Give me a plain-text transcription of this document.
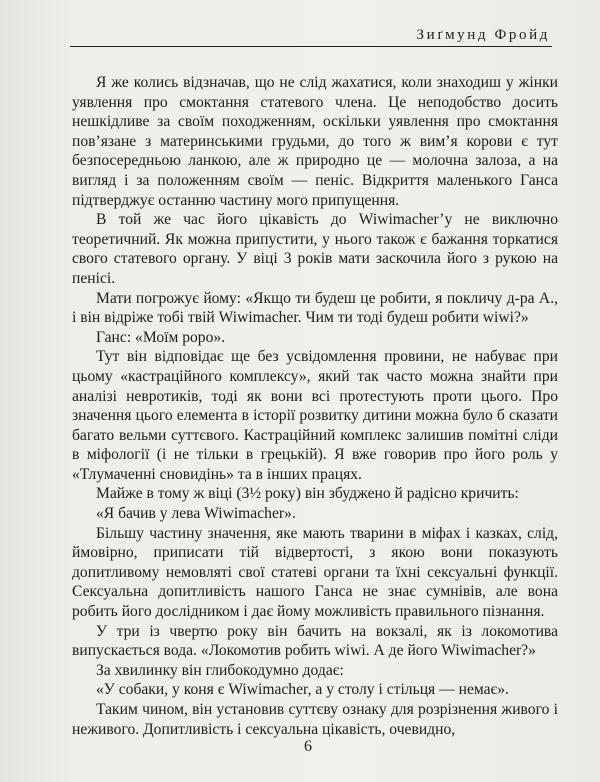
Зиґмунд Фройд

Я же колись відзначав, що не слід жахатися, коли знаходиш у жінки уявлення про смоктання статевого члена. Це неподобство досить нешкідливе за своїм походженням, оскільки уявлення про смоктання пов’язане з материнськими грудьми, до того ж вим’я корови є тут безпосередньою ланкою, але ж природно це — молочна залоза, а на вигляд і за положенням своїм — пеніс. Відкриття маленького Ганса підтверджує останню частину мого припущення.

В той же час його цікавість до Wiwimacher’у не виключно теоретичний. Як можна припустити, у нього також є бажання торкатися свого статевого органу. У віці 3 років мати заскочила його з рукою на пенісі.

Мати погрожує йому: «Якщо ти будеш це робити, я покличу д-ра А., і він відріже тобі твій Wiwimacher. Чим ти тоді будеш робити wiwi?»

Ганс: «Моїм роро».

Тут він відповідає ще без усвідомлення провини, не набуває при цьому «кастраційного комплексу», який так часто можна знайти при аналізі невротиків, тоді як вони всі протестують проти цього. Про значення цього елемента в історії розвитку дитини можна було б сказати багато вельми суттєвого. Кастраційний комплекс залишив помітні сліди в міфології (і не тільки в грецькій). Я вже говорив про його роль у «Тлумаченні сновидінь» та в інших працях.

Майже в тому ж віці (3½ року) він збуджено й радісно кричить:

«Я бачив у лева Wiwimacher».

Більшу частину значення, яке мають тварини в міфах і казках, слід, ймовірно, приписати тій відвертості, з якою вони показують допитливому немовляті свої статеві органи та їхні сексуальні функції. Сексуальна допитливість нашого Ганса не знає сумнівів, але вона робить його дослідником і дає йому можливість правильного пізнання.

У три із чвертю року він бачить на вокзалі, як із локомотива випускається вода. «Локомотив робить wiwi. А де його Wiwimacher?»

За хвилинку він глибокодумно додає:

«У собаки, у коня є Wiwimacher, а у столу і стільця — немає».

Таким чином, він установив суттєву ознаку для розрізнення живого і неживого. Допитливість і сексуальна цікавість, очевидно,

6
